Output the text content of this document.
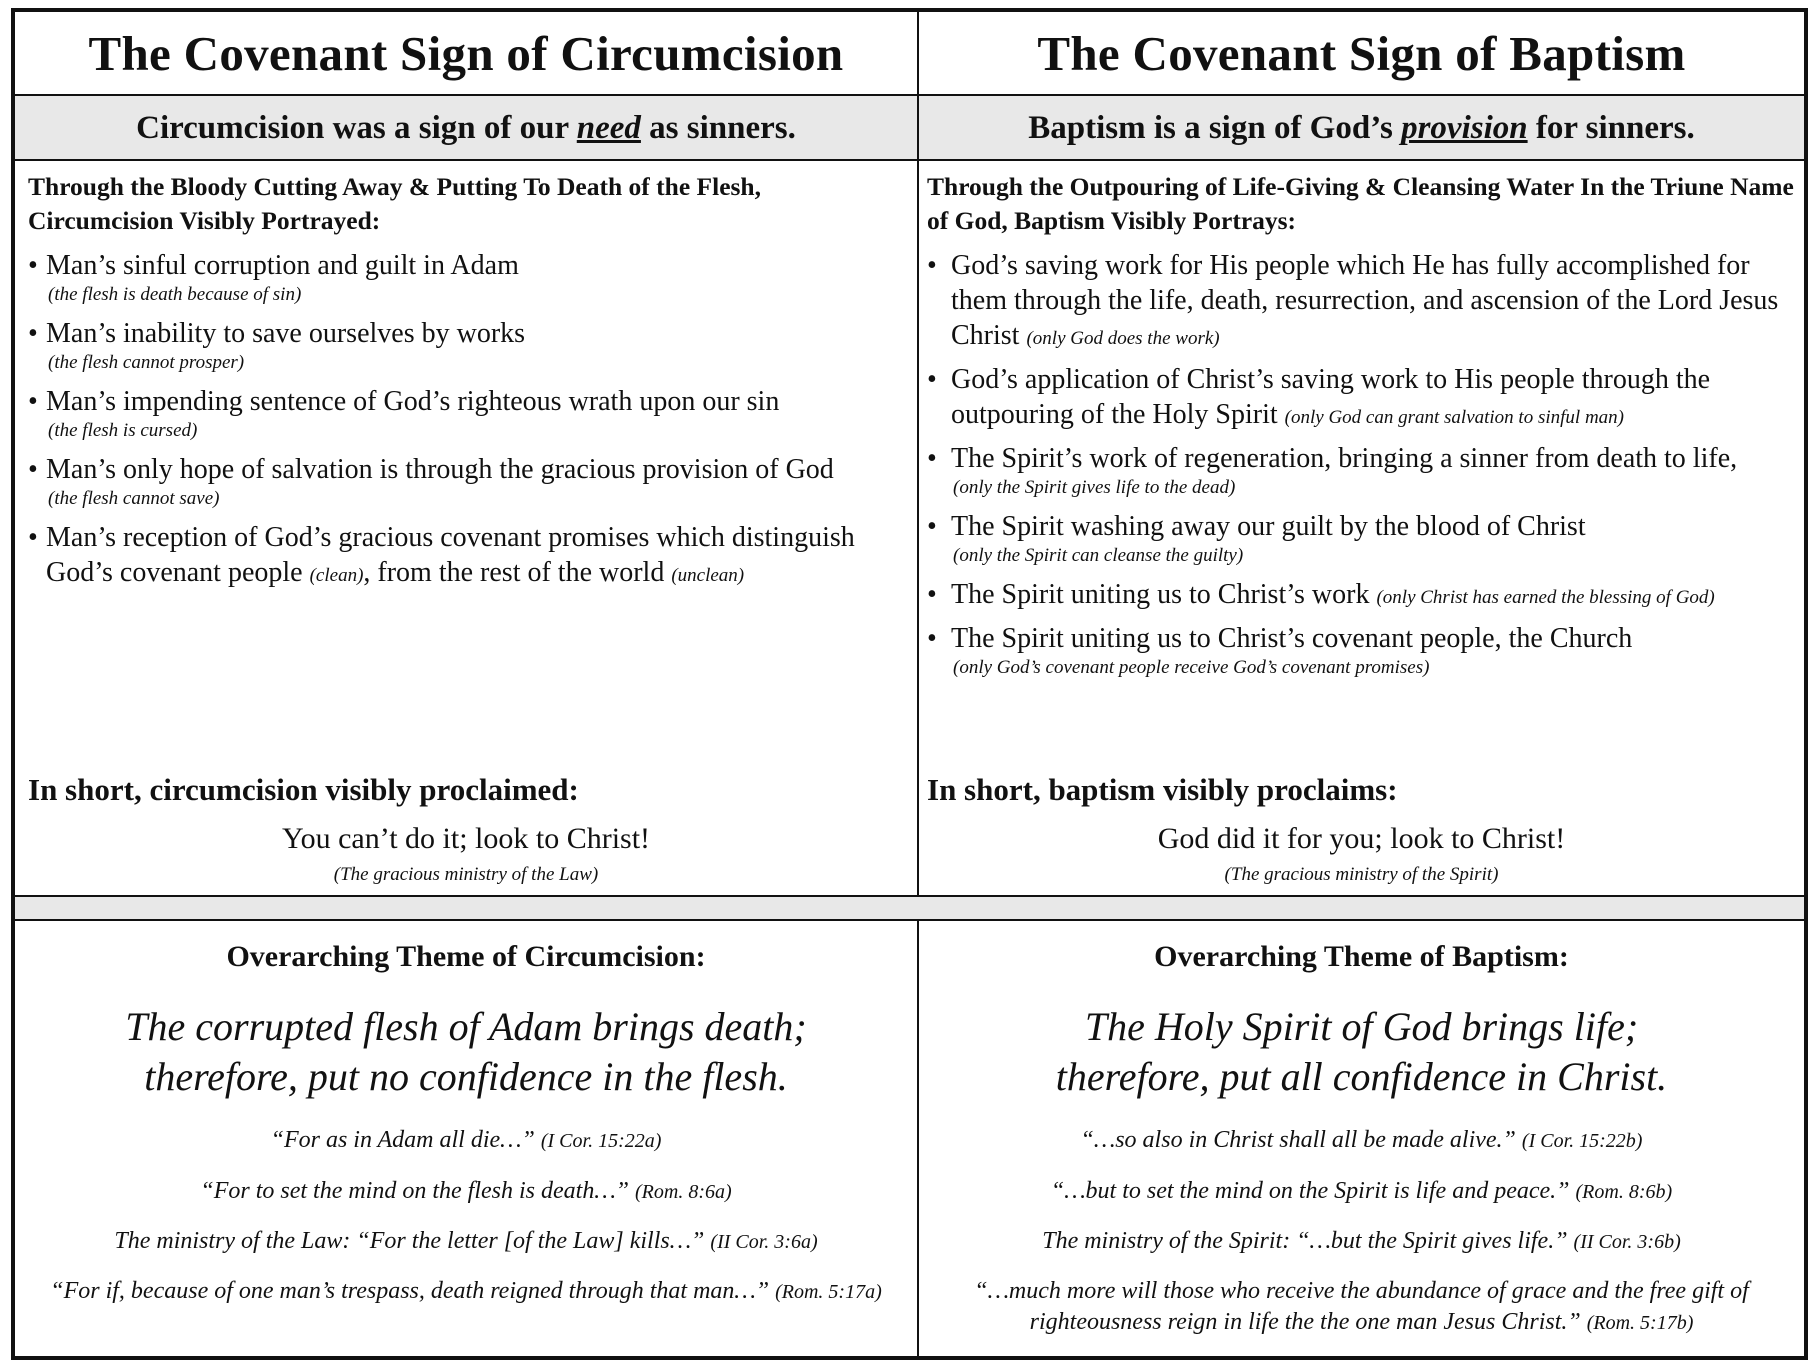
The Covenant Sign of Circumcision
Circumcision was a sign of our need as sinners.
Through the Bloody Cutting Away & Putting To Death of the Flesh, Circumcision Visibly Portrayed:
• Man’s sinful corruption and guilt in Adam
(the flesh is death because of sin)
• Man’s inability to save ourselves by works
(the flesh cannot prosper)
• Man’s impending sentence of God’s righteous wrath upon our sin
(the flesh is cursed)
• Man’s only hope of salvation is through the gracious provision of God
(the flesh cannot save)
• Man’s reception of God’s gracious covenant promises which distinguish God’s covenant people (clean), from the rest of the world (unclean)
In short, circumcision visibly proclaimed:
You can’t do it; look to Christ!
(The gracious ministry of the Law)
Overarching Theme of Circumcision:
The corrupted flesh of Adam brings death;
therefore, put no confidence in the flesh.
“For as in Adam all die…” (I Cor. 15:22a)
“For to set the mind on the flesh is death…” (Rom. 8:6a)
The ministry of the Law: “For the letter [of the Law] kills…” (II Cor. 3:6a)
“For if, because of one man’s trespass, death reigned through that man…” (Rom. 5:17a)
The Covenant Sign of Baptism
Baptism is a sign of God’s provision for sinners.
Through the Outpouring of Life-Giving & Cleansing Water In the Triune Name of God, Baptism Visibly Portrays:
• God’s saving work for His people which He has fully accomplished for them through the life, death, resurrection, and ascension of the Lord Jesus Christ (only God does the work)
• God’s application of Christ’s saving work to His people through the outpouring of the Holy Spirit (only God can grant salvation to sinful man)
• The Spirit’s work of regeneration, bringing a sinner from death to life,
(only the Spirit gives life to the dead)
• The Spirit washing away our guilt by the blood of Christ
(only the Spirit can cleanse the guilty)
• The Spirit uniting us to Christ’s work (only Christ has earned the blessing of God)
• The Spirit uniting us to Christ’s covenant people, the Church
(only God’s covenant people receive God’s covenant promises)
In short, baptism visibly proclaims:
God did it for you; look to Christ!
(The gracious ministry of the Spirit)
Overarching Theme of Baptism:
The Holy Spirit of God brings life;
therefore, put all confidence in Christ.
“…so also in Christ shall all be made alive.” (I Cor. 15:22b)
“…but to set the mind on the Spirit is life and peace.” (Rom. 8:6b)
The ministry of the Spirit: “…but the Spirit gives life.” (II Cor. 3:6b)
“…much more will those who receive the abundance of grace and the free gift of
righteousness reign in life the the one man Jesus Christ.” (Rom. 5:17b)
